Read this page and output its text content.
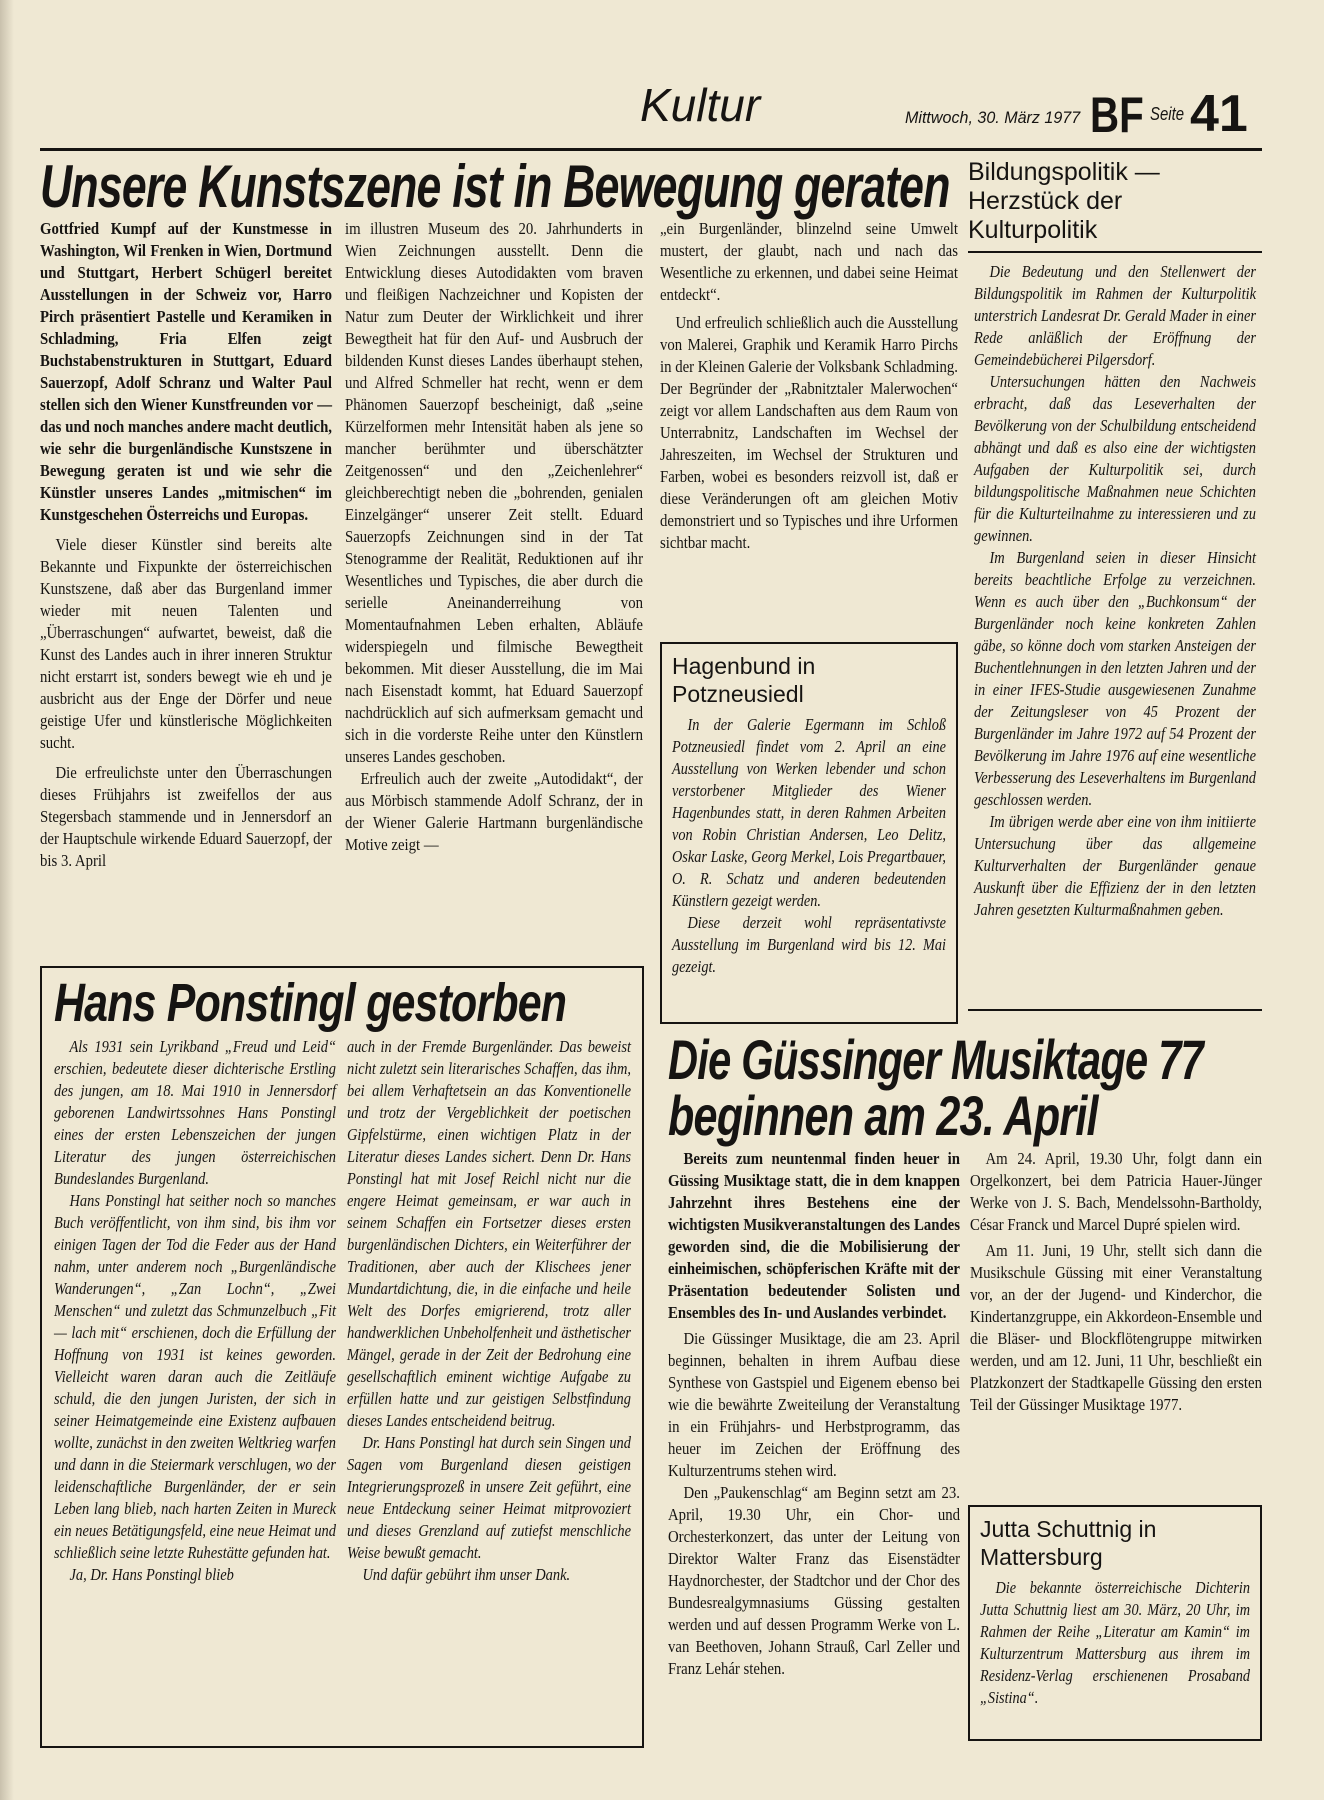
Kultur	Mittwoch, 30. März 1977 BF Seite 41
Unsere Kunstszene ist in Bewegung geraten

Gottfried Kumpf auf der Kunstmesse in Washington, Wil Frenken in Wien, Dortmund und Stuttgart, Herbert Schügerl bereitet Ausstellungen in der Schweiz vor, Harro Pirch präsentiert Pastelle und Keramiken in Schladming, Fria Elfen zeigt Buchstabenstrukturen in Stuttgart, Eduard Sauerzopf, Adolf Schranz und Walter Paul stellen sich den Wiener Kunstfreunden vor — das und noch manches andere macht deutlich, wie sehr die burgenländische Kunstszene in Bewegung geraten ist und wie sehr die Künstler unseres Landes „mitmischen“ im Kunstgeschehen Österreichs und Europas.

Viele dieser Künstler sind bereits alte Bekannte und Fixpunkte der österreichischen Kunstszene, daß aber das Burgenland immer wieder mit neuen Talenten und „Überraschungen“ aufwartet, beweist, daß die Kunst des Landes auch in ihrer inneren Struktur nicht erstarrt ist, sonders bewegt wie eh und je ausbricht aus der Enge der Dörfer und neue geistige Ufer und künstlerische Möglichkeiten sucht.

Die erfreulichste unter den Überraschungen dieses Frühjahrs ist zweifellos der aus Stegersbach stammende und in Jennersdorf an der Hauptschule wirkende Eduard Sauerzopf, der bis 3. April

im illustren Museum des 20. Jahrhunderts in Wien Zeichnungen ausstellt. Denn die Entwicklung dieses Autodidakten vom braven und fleißigen Nachzeichner und Kopisten der Natur zum Deuter der Wirklichkeit und ihrer Bewegtheit hat für den Auf- und Ausbruch der bildenden Kunst dieses Landes überhaupt stehen, und Alfred Schmeller hat recht, wenn er dem Phänomen Sauerzopf bescheinigt, daß „seine Kürzelformen mehr Intensität haben als jene so mancher berühmter und überschätzter Zeitgenossen“ und den „Zeichenlehrer“ gleichberechtigt neben die „bohrenden, genialen Einzelgänger“ unserer Zeit stellt. Eduard Sauerzopfs Zeichnungen sind in der Tat Stenogramme der Realität, Reduktionen auf ihr Wesentliches und Typisches, die aber durch die serielle Aneinanderreihung von Momentaufnahmen Leben erhalten, Abläufe widerspiegeln und filmische Bewegtheit bekommen. Mit dieser Ausstellung, die im Mai nach Eisenstadt kommt, hat Eduard Sauerzopf nachdrücklich auf sich aufmerksam gemacht und sich in die vorderste Reihe unter den Künstlern unseres Landes geschoben.

Erfreulich auch der zweite „Autodidakt“, der aus Mörbisch stammende Adolf Schranz, der in der Wiener Galerie Hartmann burgenländische Motive zeigt —

„ein Burgenländer, blinzelnd seine Umwelt mustert, der glaubt, nach und nach das Wesentliche zu erkennen, und dabei seine Heimat entdeckt“.

Und erfreulich schließlich auch die Ausstellung von Malerei, Graphik und Keramik Harro Pirchs in der Kleinen Galerie der Volksbank Schladming. Der Begründer der „Rabnitztaler Malerwochen“ zeigt vor allem Landschaften aus dem Raum von Unterrabnitz, Landschaften im Wechsel der Jahreszeiten, im Wechsel der Strukturen und Farben, wobei es besonders reizvoll ist, daß er diese Veränderungen oft am gleichen Motiv demonstriert und so Typisches und ihre Urformen sichtbar macht.

Hagenbund in Potzneusiedl

In der Galerie Egermann im Schloß Potzneusiedl findet vom 2. April an eine Ausstellung von Werken lebender und schon verstorbener Mitglieder des Wiener Hagenbundes statt, in deren Rahmen Arbeiten von Robin Christian Andersen, Leo Delitz, Oskar Laske, Georg Merkel, Lois Pregartbauer, O. R. Schatz und anderen bedeutenden Künstlern gezeigt werden.

Diese derzeit wohl repräsentativste Ausstellung im Burgenland wird bis 12. Mai gezeigt.

Bildungspolitik — Herzstück der Kulturpolitik

Die Bedeutung und den Stellenwert der Bildungspolitik im Rahmen der Kulturpolitik unterstrich Landesrat Dr. Gerald Mader in einer Rede anläßlich der Eröffnung der Gemeindebücherei Pilgersdorf.

Untersuchungen hätten den Nachweis erbracht, daß das Leseverhalten der Bevölkerung von der Schulbildung entscheidend abhängt und daß es also eine der wichtigsten Aufgaben der Kulturpolitik sei, durch bildungspolitische Maßnahmen neue Schichten für die Kulturteilnahme zu interessieren und zu gewinnen.

Im Burgenland seien in dieser Hinsicht bereits beachtliche Erfolge zu verzeichnen. Wenn es auch über den „Buchkonsum“ der Burgenländer noch keine konkreten Zahlen gäbe, so könne doch vom starken Ansteigen der Buchentlehnungen in den letzten Jahren und der in einer IFES-Studie ausgewiesenen Zunahme der Zeitungsleser von 45 Prozent der Burgenländer im Jahre 1972 auf 54 Prozent der Bevölkerung im Jahre 1976 auf eine wesentliche Verbesserung des Leseverhaltens im Burgenland geschlossen werden.

Im übrigen werde aber eine von ihm initiierte Untersuchung über das allgemeine Kulturverhalten der Burgenländer genaue Auskunft über die Effizienz der in den letzten Jahren gesetzten Kulturmaßnahmen geben.

Hans Ponstingl gestorben

Als 1931 sein Lyrikband „Freud und Leid“ erschien, bedeutete dieser dichterische Erstling des jungen, am 18. Mai 1910 in Jennersdorf geborenen Landwirtssohnes Hans Ponstingl eines der ersten Lebenszeichen der jungen Literatur des jungen österreichischen Bundeslandes Burgenland.

Hans Ponstingl hat seither noch so manches Buch veröffentlicht, von ihm sind, bis ihm vor einigen Tagen der Tod die Feder aus der Hand nahm, unter anderem noch „Burgenländische Wanderungen“, „Zan Lochn“, „Zwei Menschen“ und zuletzt das Schmunzelbuch „Fit — lach mit“ erschienen, doch die Erfüllung der Hoffnung von 1931 ist keines geworden. Vielleicht waren daran auch die Zeitläufe schuld, die den jungen Juristen, der sich in seiner Heimatgemeinde eine Existenz aufbauen wollte, zunächst in den zweiten Weltkrieg warfen und dann in die Steiermark verschlugen, wo der leidenschaftliche Burgenländer, der er sein Leben lang blieb, nach harten Zeiten in Mureck ein neues Betätigungsfeld, eine neue Heimat und schließlich seine letzte Ruhestätte gefunden hat.

Ja, Dr. Hans Ponstingl blieb

auch in der Fremde Burgenländer. Das beweist nicht zuletzt sein literarisches Schaffen, das ihm, bei allem Verhaftetsein an das Konventionelle und trotz der Vergeblichkeit der poetischen Gipfelstürme, einen wichtigen Platz in der Literatur dieses Landes sichert. Denn Dr. Hans Ponstingl hat mit Josef Reichl nicht nur die engere Heimat gemeinsam, er war auch in seinem Schaffen ein Fortsetzer dieses ersten burgenländischen Dichters, ein Weiterführer der Traditionen, aber auch der Klischees jener Mundartdichtung, die, in die einfache und heile Welt des Dorfes emigrierend, trotz aller handwerklichen Unbeholfenheit und ästhetischer Mängel, gerade in der Zeit der Bedrohung eine gesellschaftlich eminent wichtige Aufgabe zu erfüllen hatte und zur geistigen Selbstfindung dieses Landes entscheidend beitrug.

Dr. Hans Ponstingl hat durch sein Singen und Sagen vom Burgenland diesen geistigen Integrierungsprozeß in unsere Zeit geführt, eine neue Entdeckung seiner Heimat mitprovoziert und dieses Grenzland auf zutiefst menschliche Weise bewußt gemacht.

Und dafür gebührt ihm unser Dank.

Die Güssinger Musiktage 77
beginnen am 23. April

Bereits zum neuntenmal finden heuer in Güssing Musiktage statt, die in dem knappen Jahrzehnt ihres Bestehens eine der wichtigsten Musikveranstaltungen des Landes geworden sind, die die Mobilisierung der einheimischen, schöpferischen Kräfte mit der Präsentation bedeutender Solisten und Ensembles des In- und Auslandes verbindet.

Die Güssinger Musiktage, die am 23. April beginnen, behalten in ihrem Aufbau diese Synthese von Gastspiel und Eigenem ebenso bei wie die bewährte Zweiteilung der Veranstaltung in ein Frühjahrs- und Herbstprogramm, das heuer im Zeichen der Eröffnung des Kulturzentrums stehen wird.

Den „Paukenschlag“ am Beginn setzt am 23. April, 19.30 Uhr, ein Chor- und Orchesterkonzert, das unter der Leitung von Direktor Walter Franz das Eisenstädter Haydnorchester, der Stadtchor und der Chor des Bundesrealgymnasiums Güssing gestalten werden und auf dessen Programm Werke von L. van Beethoven, Johann Strauß, Carl Zeller und Franz Lehár stehen.

Am 24. April, 19.30 Uhr, folgt dann ein Orgelkonzert, bei dem Patricia Hauer-Jünger Werke von J. S. Bach, Mendelssohn-Bartholdy, César Franck und Marcel Dupré spielen wird.

Am 11. Juni, 19 Uhr, stellt sich dann die Musikschule Güssing mit einer Veranstaltung vor, an der der Jugend- und Kinderchor, die Kindertanzgruppe, ein Akkordeon-Ensemble und die Bläser- und Blockflötengruppe mitwirken werden, und am 12. Juni, 11 Uhr, beschließt ein Platzkonzert der Stadtkapelle Güssing den ersten Teil der Güssinger Musiktage 1977.

Jutta Schuttnig in Mattersburg

Die bekannte österreichische Dichterin Jutta Schuttnig liest am 30. März, 20 Uhr, im Rahmen der Reihe „Literatur am Kamin“ im Kulturzentrum Mattersburg aus ihrem im Residenz-Verlag erschienenen Prosaband „Sistina“.
